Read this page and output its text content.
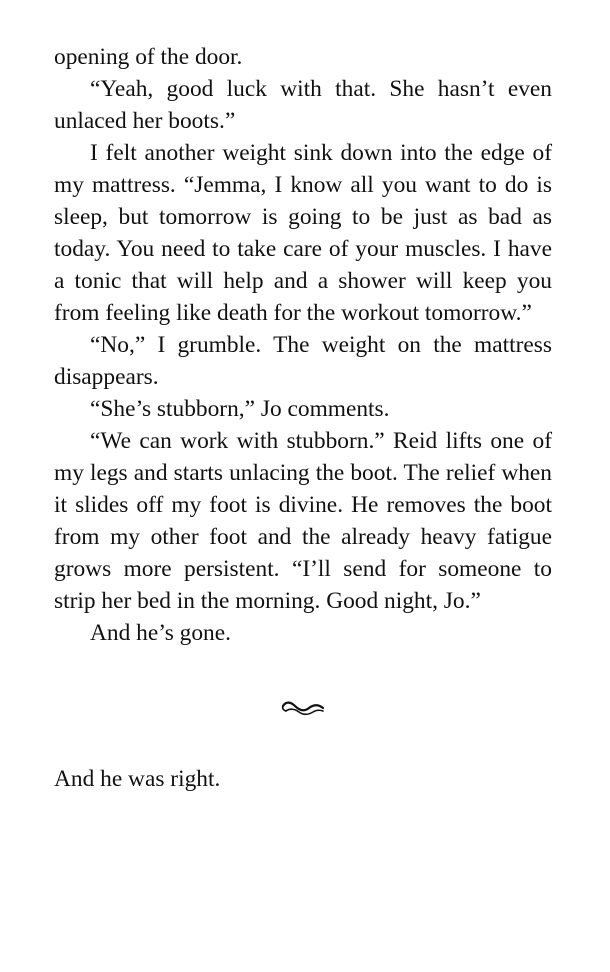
opening of the door.

“Yeah, good luck with that. She hasn’t even unlaced her boots.”

I felt another weight sink down into the edge of my mattress. “Jemma, I know all you want to do is sleep, but tomorrow is going to be just as bad as today. You need to take care of your muscles. I have a tonic that will help and a shower will keep you from feeling like death for the workout tomorrow.”

“No,” I grumble. The weight on the mattress disappears.

“She’s stubborn,” Jo comments.

“We can work with stubborn.” Reid lifts one of my legs and starts unlacing the boot. The relief when it slides off my foot is divine. He removes the boot from my other foot and the already heavy fatigue grows more persistent. “I’ll send for someone to strip her bed in the morning. Good night, Jo.”

And he’s gone.

And he was right.
